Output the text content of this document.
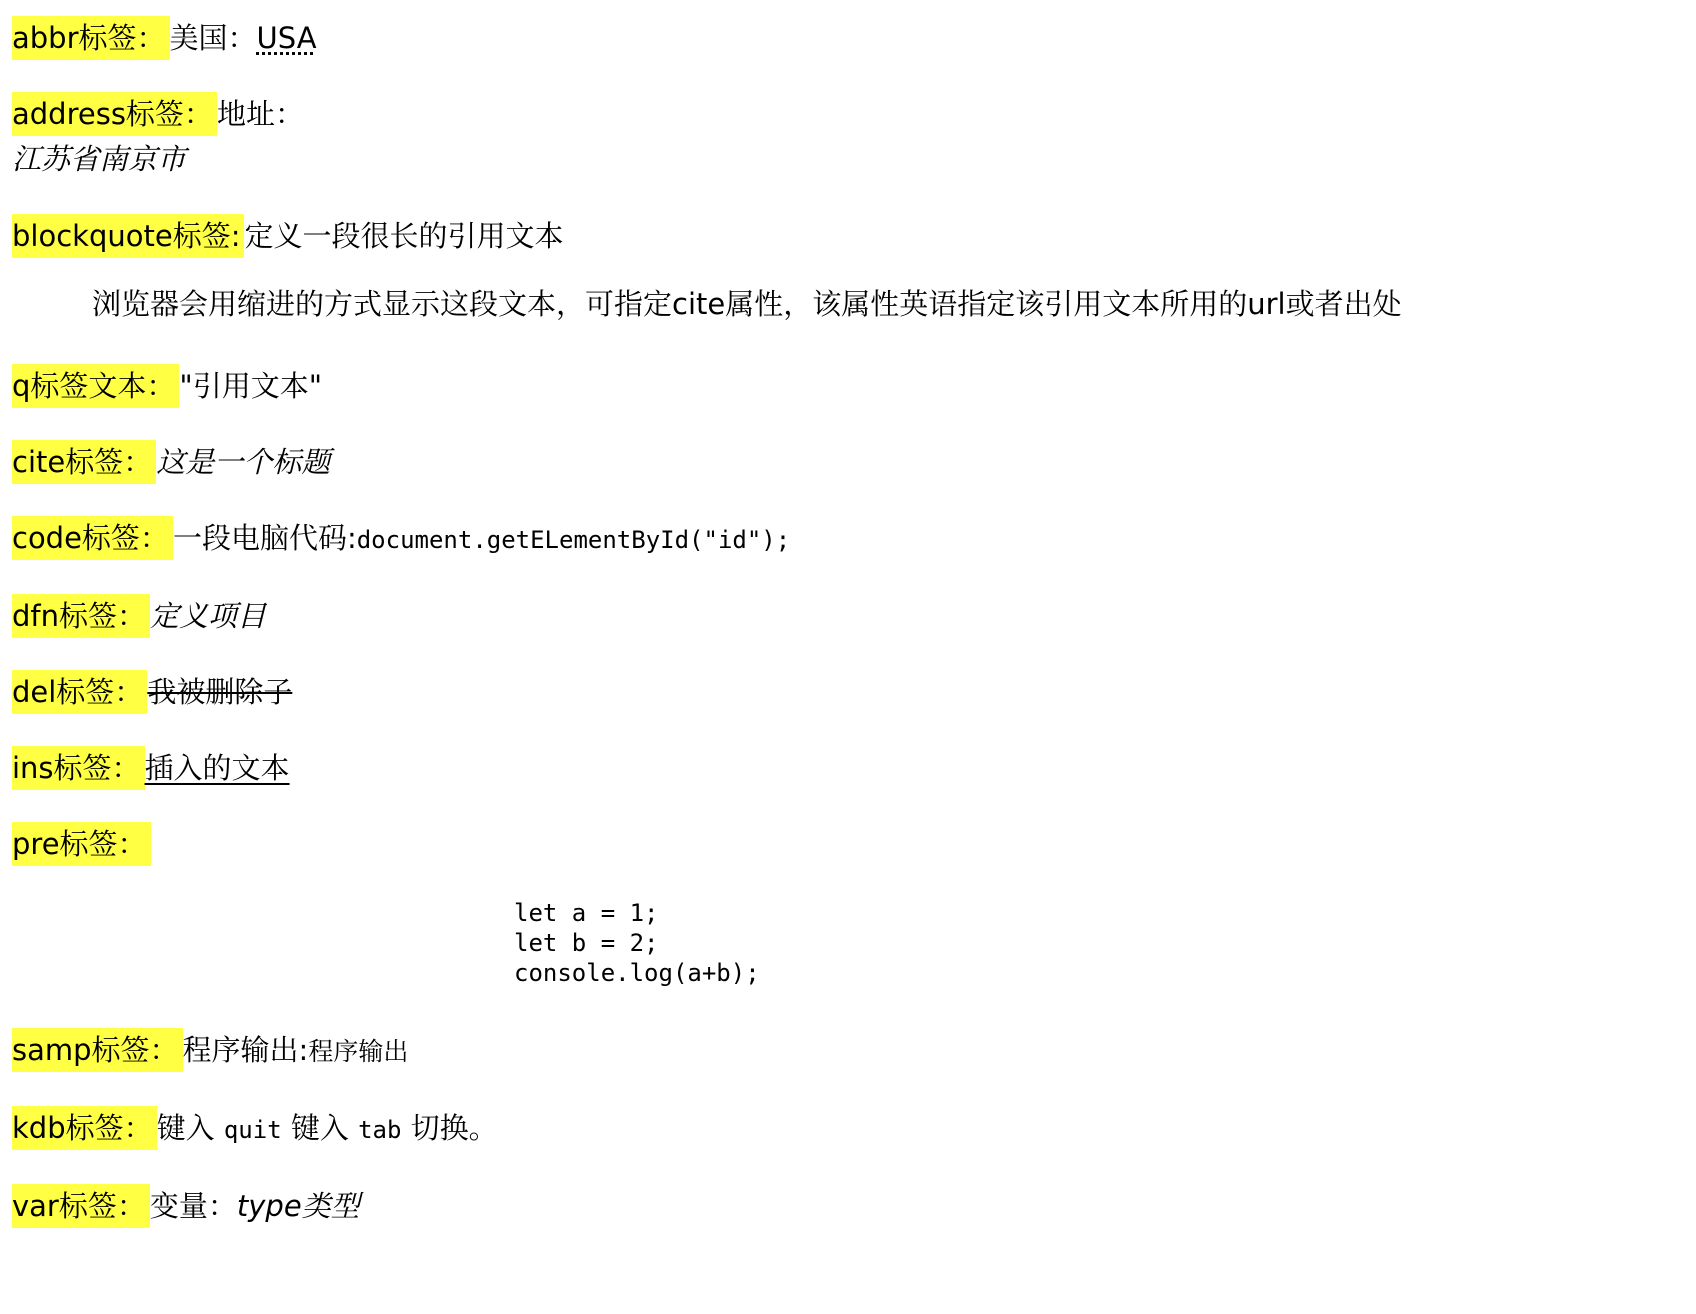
abbr标签： 美国：USA
address标签： 地址：
江苏省南京市
blockquote标签: 定义一段很长的引用文本
浏览器会用缩进的方式显示这段文本，可指定cite属性，该属性英语指定该引用文本所用的url或者出处
q标签文本： "引用文本"
cite标签： 这是一个标题
code标签： 一段电脑代码:document.getELementById("id");
dfn标签： 定义项目
del标签： 我被删除子
ins标签： 插入的文本
pre标签：
let a = 1;
let b = 2;
console.log(a+b);
samp标签： 程序输出:程序输出
kdb标签： 键入 quit 键入 tab 切换。
var标签： 变量：type类型
